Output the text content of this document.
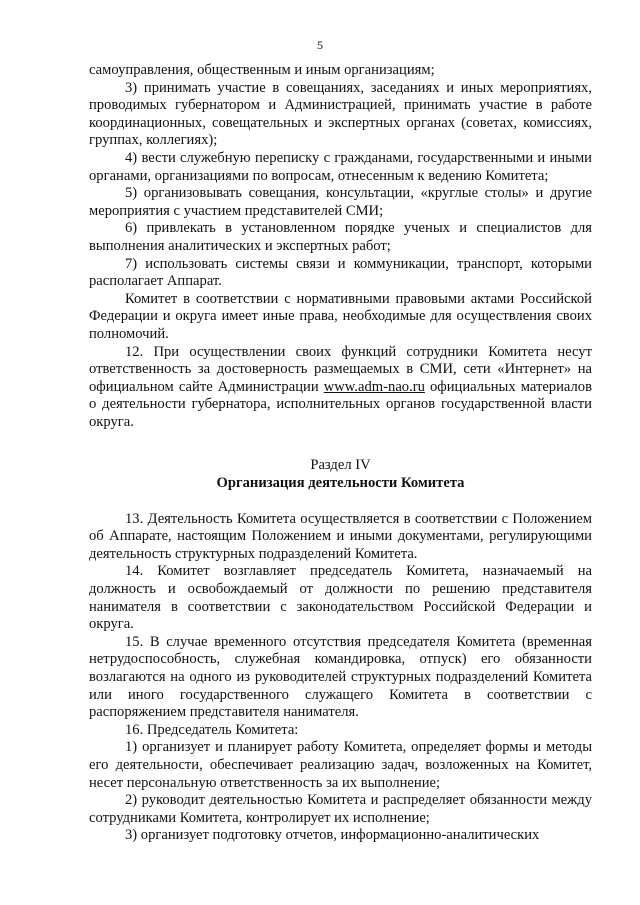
5

самоуправления, общественным и иным организациям;

3) принимать участие в совещаниях, заседаниях и иных мероприятиях, проводимых губернатором и Администрацией, принимать участие в работе координационных, совещательных и экспертных органах (советах, комиссиях, группах, коллегиях);

4) вести служебную переписку с гражданами, государственными и иными органами, организациями по вопросам, отнесенным к ведению Комитета;

5) организовывать совещания, консультации, «круглые столы» и другие мероприятия с участием представителей СМИ;

6) привлекать в установленном порядке ученых и специалистов для выполнения аналитических и экспертных работ;

7) использовать системы связи и коммуникации, транспорт, которыми располагает Аппарат.

Комитет в соответствии с нормативными правовыми актами Российской Федерации и округа имеет иные права, необходимые для осуществления своих полномочий.

12. При осуществлении своих функций сотрудники Комитета несут ответственность за достоверность размещаемых в СМИ, сети «Интернет» на официальном сайте Администрации www.adm-nao.ru официальных материалов о деятельности губернатора, исполнительных органов государственной власти округа.

Раздел IV

Организация деятельности Комитета

13. Деятельность Комитета осуществляется в соответствии с Положением об Аппарате, настоящим Положением и иными документами, регулирующими деятельность структурных подразделений Комитета.

14. Комитет возглавляет председатель Комитета, назначаемый на должность и освобождаемый от должности по решению представителя нанимателя в соответствии с законодательством Российской Федерации и округа.

15. В случае временного отсутствия председателя Комитета (временная нетрудоспособность, служебная командировка, отпуск) его обязанности возлагаются на одного из руководителей структурных подразделений Комитета или иного государственного служащего Комитета в соответствии с распоряжением представителя нанимателя.

16. Председатель Комитета:

1) организует и планирует работу Комитета, определяет формы и методы его деятельности, обеспечивает реализацию задач, возложенных на Комитет, несет персональную ответственность за их выполнение;

2) руководит деятельностью Комитета и распределяет обязанности между сотрудниками Комитета, контролирует их исполнение;

3) организует подготовку отчетов, информационно-аналитических
